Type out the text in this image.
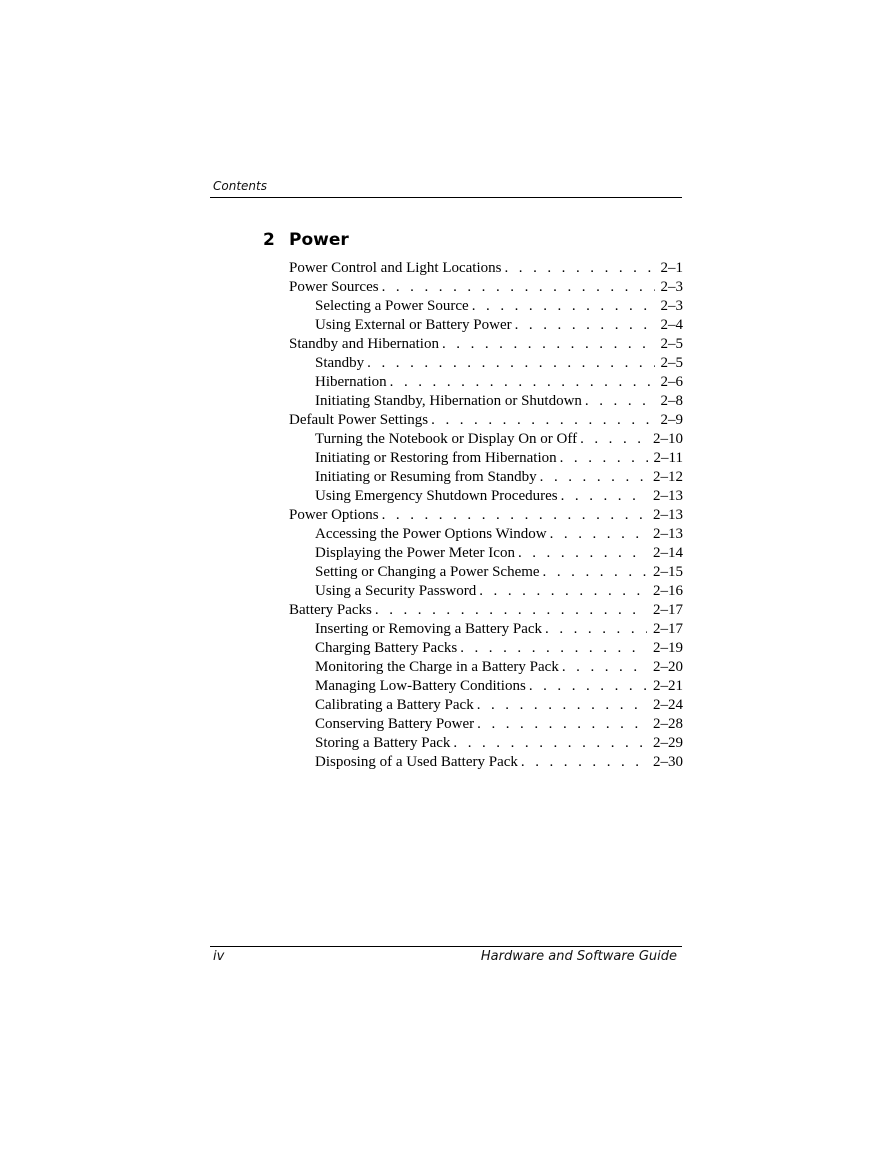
Contents
2 Power
Power Control and Light Locations . . .	2–1
Power Sources . . .	2–3
Selecting a Power Source . . .	2–3
Using External or Battery Power . . .	2–4
Standby and Hibernation . . .	2–5
Standby . . .	2–5
Hibernation . . .	2–6
Initiating Standby, Hibernation or Shutdown . . .	2–8
Default Power Settings . . .	2–9
Turning the Notebook or Display On or Off . . .	2–10
Initiating or Restoring from Hibernation . . .	2–11
Initiating or Resuming from Standby . . .	2–12
Using Emergency Shutdown Procedures . . .	2–13
Power Options . . .	2–13
Accessing the Power Options Window . . .	2–13
Displaying the Power Meter Icon . . .	2–14
Setting or Changing a Power Scheme . . .	2–15
Using a Security Password . . .	2–16
Battery Packs . . .	2–17
Inserting or Removing a Battery Pack . . .	2–17
Charging Battery Packs . . .	2–19
Monitoring the Charge in a Battery Pack . . .	2–20
Managing Low-Battery Conditions . . .	2–21
Calibrating a Battery Pack . . .	2–24
Conserving Battery Power . . .	2–28
Storing a Battery Pack . . .	2–29
Disposing of a Used Battery Pack . . .	2–30
iv	Hardware and Software Guide
